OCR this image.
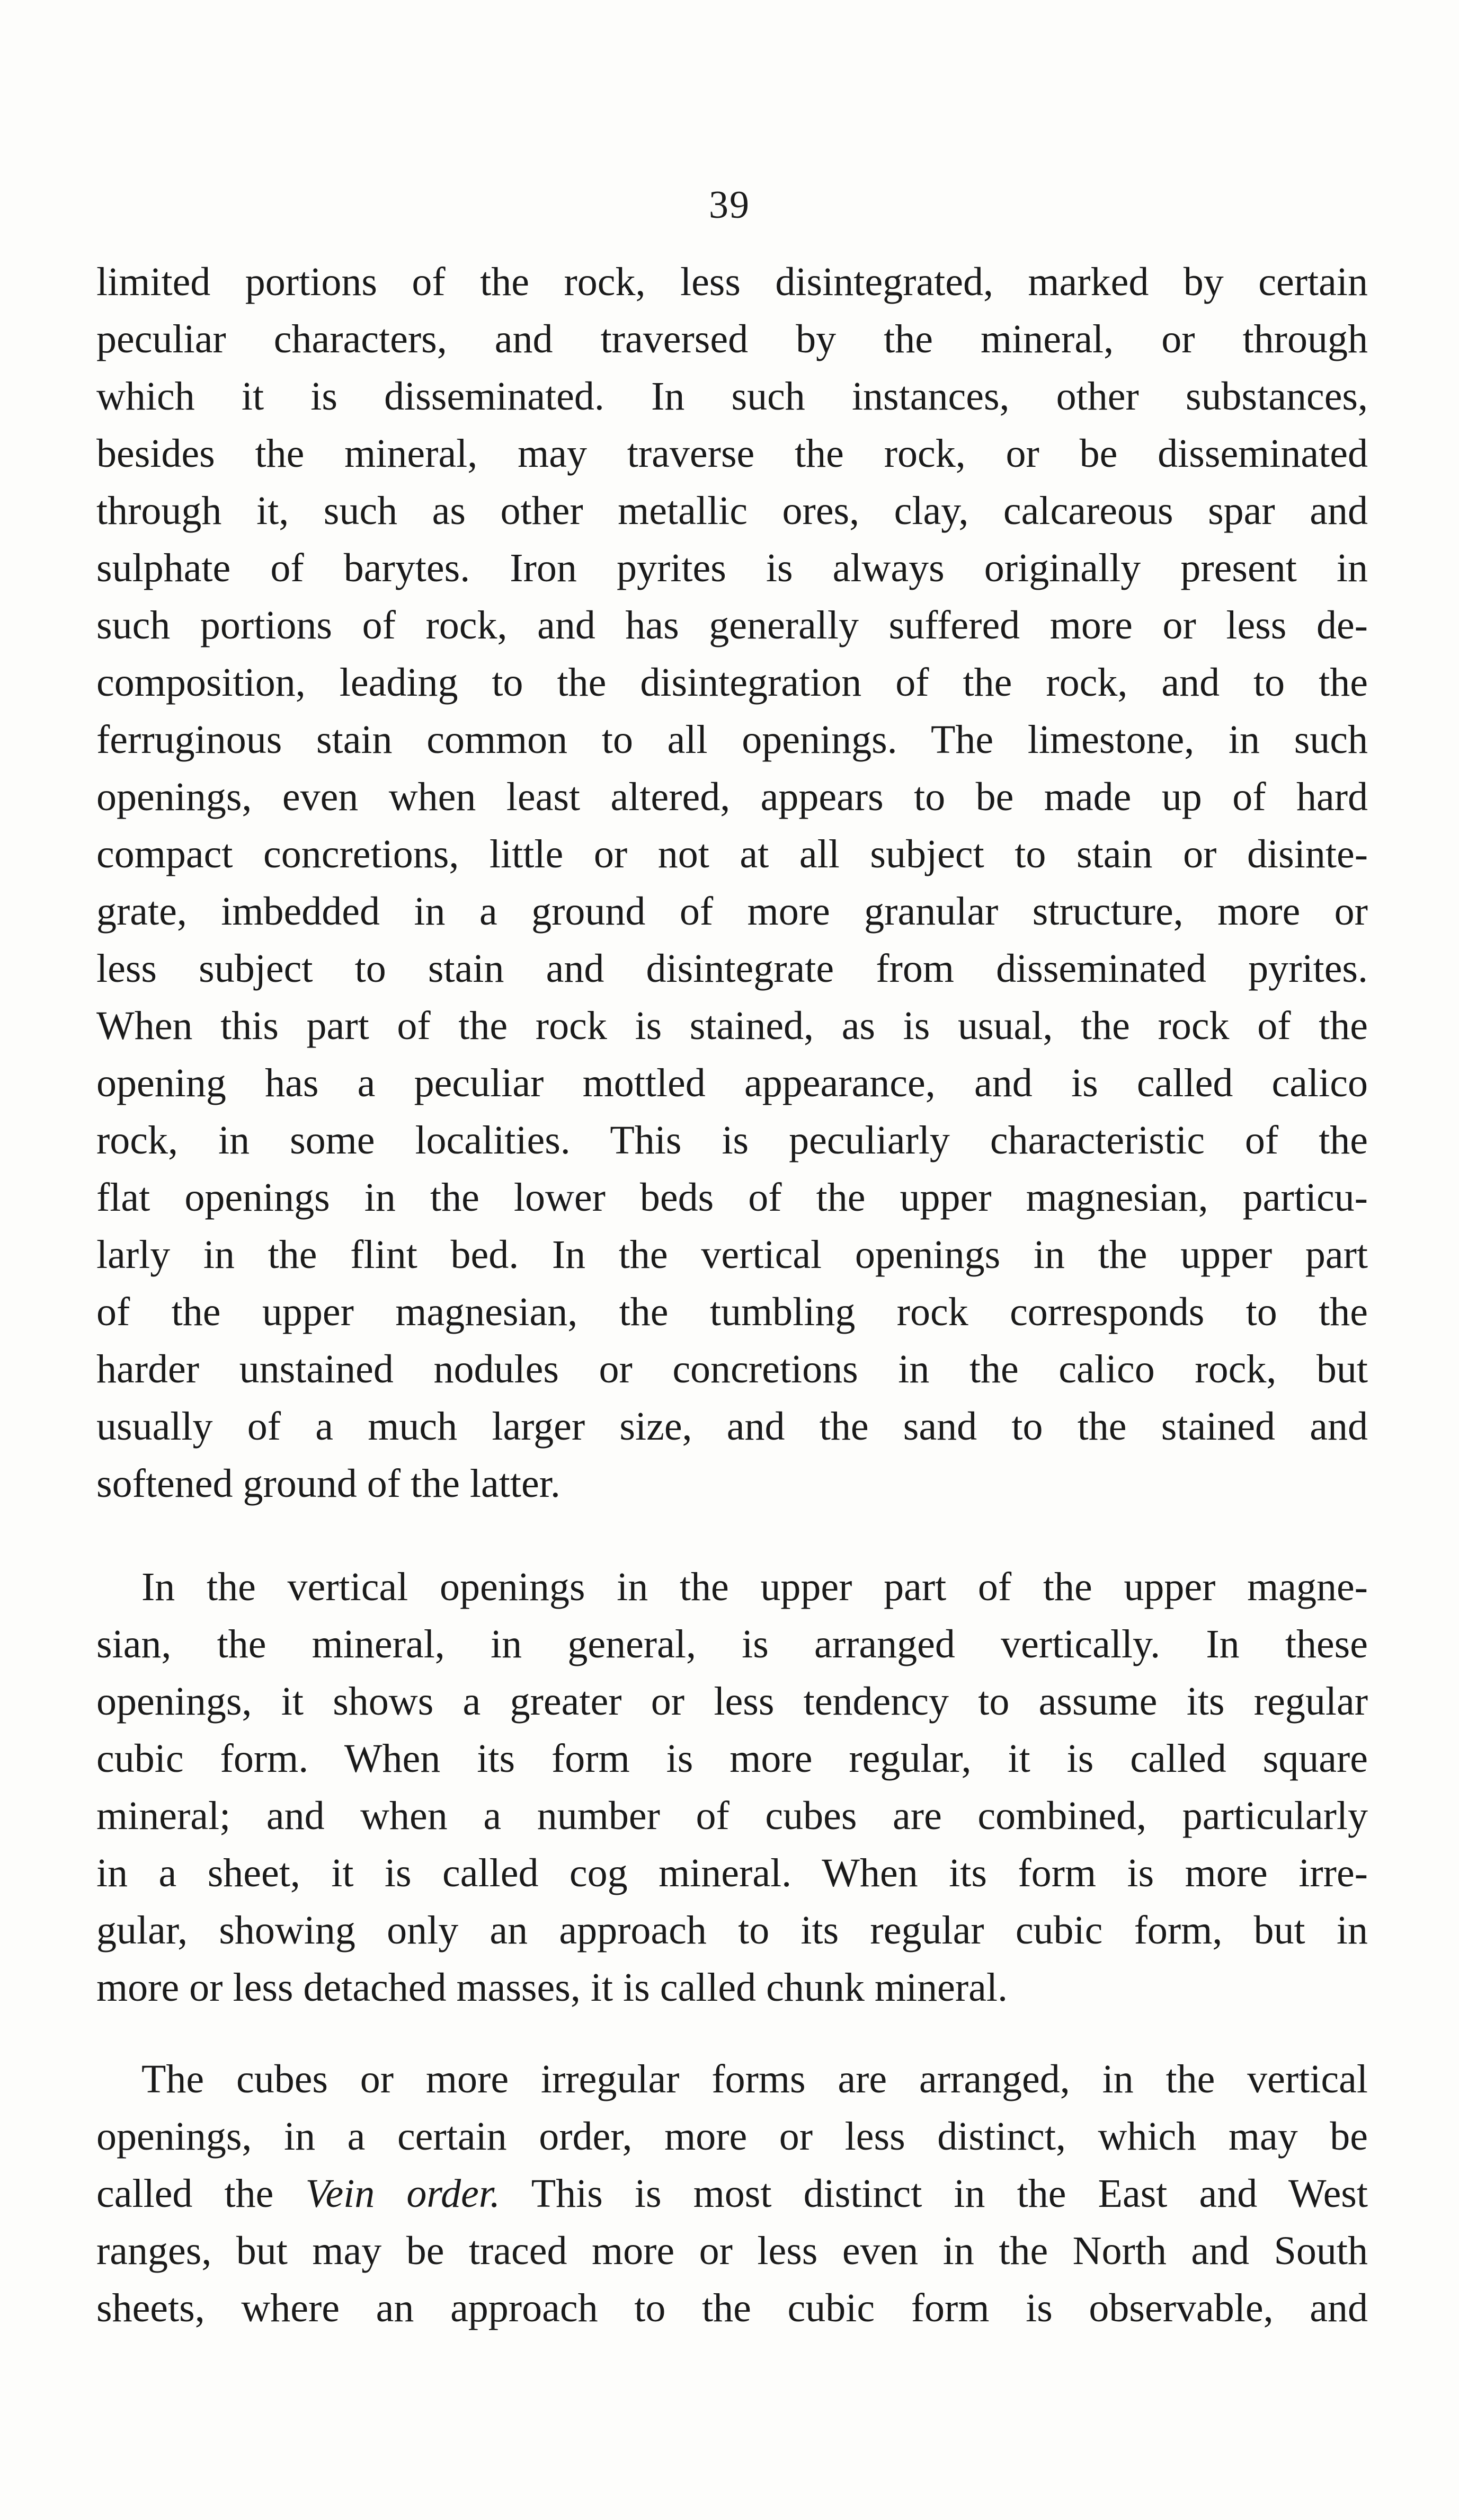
39
limited portions of the rock, less disintegrated, marked by certain
peculiar characters, and traversed by the mineral, or through
which it is disseminated. In such instances, other substances,
besides the mineral, may traverse the rock, or be disseminated
through it, such as other metallic ores, clay, calcareous spar and
sulphate of barytes. Iron pyrites is always originally present in
such portions of rock, and has generally suffered more or less de-
composition, leading to the disintegration of the rock, and to the
ferruginous stain common to all openings. The limestone, in such
openings, even when least altered, appears to be made up of hard
compact concretions, little or not at all subject to stain or disinte-
grate, imbedded in a ground of more granular structure, more or
less subject to stain and disintegrate from disseminated pyrites.
When this part of the rock is stained, as is usual, the rock of the
opening has a peculiar mottled appearance, and is called calico
rock, in some localities. This is peculiarly characteristic of the
flat openings in the lower beds of the upper magnesian, particu-
larly in the flint bed. In the vertical openings in the upper part
of the upper magnesian, the tumbling rock corresponds to the
harder unstained nodules or concretions in the calico rock, but
usually of a much larger size, and the sand to the stained and
softened ground of the latter.
In the vertical openings in the upper part of the upper magne-
sian, the mineral, in general, is arranged vertically. In these
openings, it shows a greater or less tendency to assume its regular
cubic form. When its form is more regular, it is called square
mineral; and when a number of cubes are combined, particularly
in a sheet, it is called cog mineral. When its form is more irre-
gular, showing only an approach to its regular cubic form, but in
more or less detached masses, it is called chunk mineral.
The cubes or more irregular forms are arranged, in the vertical
openings, in a certain order, more or less distinct, which may be
called the Vein order. This is most distinct in the East and West
ranges, but may be traced more or less even in the North and South
sheets, where an approach to the cubic form is observable, and
